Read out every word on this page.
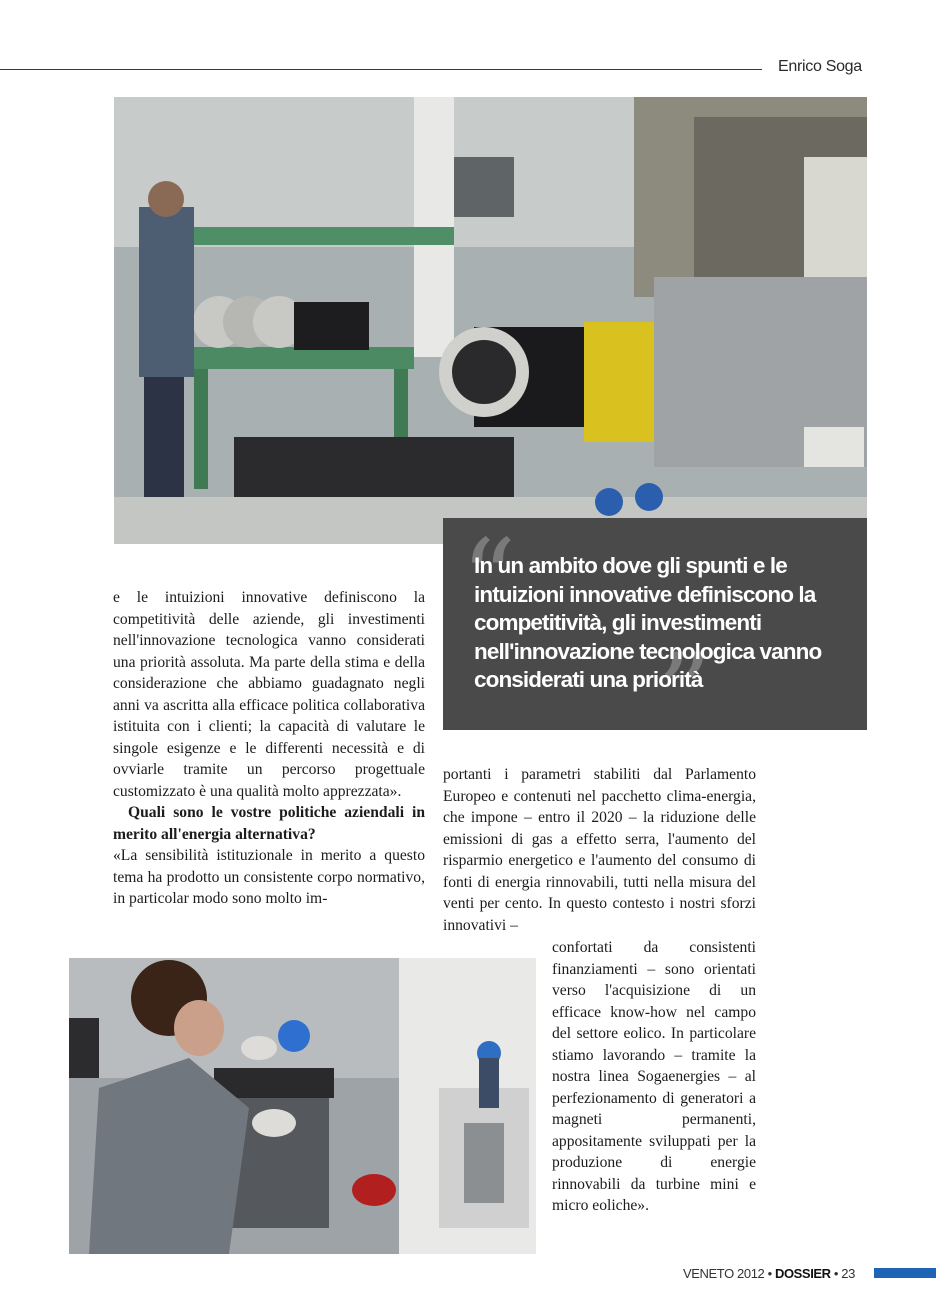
Enrico Soga
“
”

In un ambito dove gli spunti e le intuizioni innovative definiscono la competitività, gli investimenti nell'innovazione tecnologica vanno considerati una priorità

e le intuizioni innovative definiscono la competitività delle aziende, gli investimenti nell'innovazione tecnologica vanno considerati una priorità assoluta. Ma parte della stima e della considerazione che abbiamo guadagnato negli anni va ascritta alla efficace politica collaborativa istituita con i clienti; la capacità di valutare le singole esigenze e le differenti necessità e di ovviarle tramite un percorso progettuale customizzato è una qualità molto apprezzata».

Quali sono le vostre politiche aziendali in merito all'energia alternativa?

«La sensibilità istituzionale in merito a questo tema ha prodotto un consistente corpo normativo, in particolar modo sono molto im-

portanti i parametri stabiliti dal Parlamento Europeo e contenuti nel pacchetto clima-energia, che impone – entro il 2020 – la riduzione delle emissioni di gas a effetto serra, l'aumento del risparmio energetico e l'aumento del consumo di fonti di energia rinnovabili, tutti nella misura del venti per cento. In questo contesto i nostri sforzi innovativi –

confortati da consistenti finanziamenti – sono orientati verso l'acquisizione di un efficace know-how nel campo del settore eolico. In particolare stiamo lavorando – tramite la nostra linea Sogaenergies – al perfezionamento di generatori a magneti permanenti, appositamente sviluppati per la produzione di energie rinnovabili da turbine mini e micro eoliche».

VENETO 2012 • DOSSIER • 23
